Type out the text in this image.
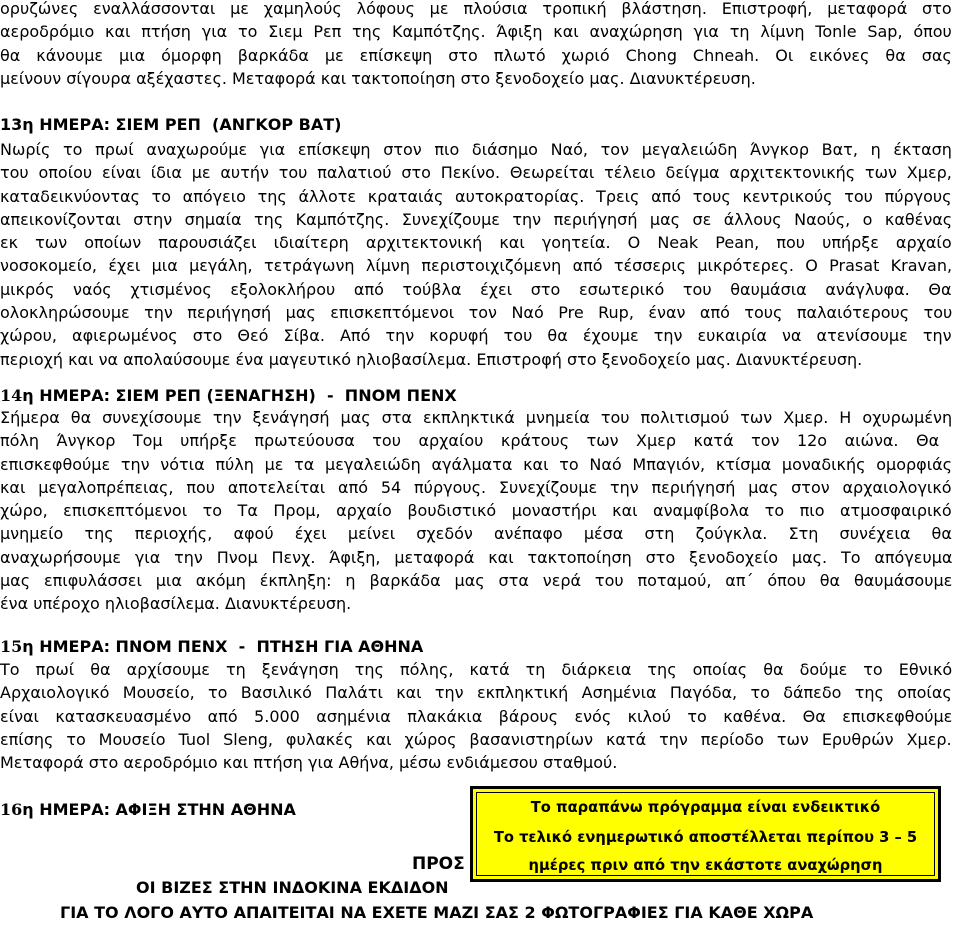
ορυζώνες εναλλάσσονται με χαμηλούς λόφους με πλούσια τροπική βλάστηση. Επιστροφή, μεταφορά στο
αεροδρόμιο και πτήση για το Σιεμ Ρεπ της Καμπότζης. Άφιξη και αναχώρηση για τη λίμνη Tonle Sap, όπου
θα κάνουμε μια όμορφη βαρκάδα με επίσκεψη στο πλωτό χωριό Chong Chneah. Οι εικόνες θα σας
μείνουν σίγουρα αξέχαστες. Μεταφορά και τακτοποίηση στο ξενοδοχείο μας. Διανυκτέρευση.
13η ΗΜΕΡΑ: ΣΙΕΜ ΡΕΠ  (ΑΝΓΚΟΡ ΒΑΤ)
Νωρίς το πρωί αναχωρούμε για επίσκεψη στον πιο διάσημο Ναό, τον μεγαλειώδη Άνγκορ Βατ, η έκταση
του οποίου είναι ίδια με αυτήν του παλατιού στο Πεκίνο. Θεωρείται τέλειο δείγμα αρχιτεκτονικής των Χμερ,
καταδεικνύοντας το απόγειο της άλλοτε κραταιάς αυτοκρατορίας. Τρεις από τους κεντρικούς του πύργους
απεικονίζονται στην σημαία της Καμπότζης. Συνεχίζουμε την περιήγησή μας σε άλλους Ναούς, ο καθένας
εκ των οποίων παρουσιάζει ιδιαίτερη αρχιτεκτονική και γοητεία. Ο Neak Pean, που υπήρξε αρχαίο
νοσοκομείο, έχει μια μεγάλη, τετράγωνη λίμνη περιστοιχιζόμενη από τέσσερις μικρότερες. Ο Prasat Kravan,
μικρός ναός χτισμένος εξολοκλήρου από τούβλα έχει στο εσωτερικό του θαυμάσια ανάγλυφα. Θα
ολοκληρώσουμε την περιήγησή μας επισκεπτόμενοι τον Ναό Pre Rup, έναν από τους παλαιότερους του
χώρου, αφιερωμένος στο Θεό Σίβα. Από την κορυφή του θα έχουμε την ευκαιρία να ατενίσουμε την
περιοχή και να απολαύσουμε ένα μαγευτικό ηλιοβασίλεμα. Επιστροφή στο ξενοδοχείο μας. Διανυκτέρευση.
14η ΗΜΕΡΑ: ΣΙΕΜ ΡΕΠ (ΞΕΝΑΓΗΣΗ) - ΠΝΟΜ ΠΕΝΧ
Σήμερα θα συνεχίσουμε την ξενάγησή μας στα εκπληκτικά μνημεία του πολιτισμού των Χμερ. Η οχυρωμένη
πόλη Άνγκορ Τομ υπήρξε πρωτεύουσα του αρχαίου κράτους των Χμερ κατά τον 12ο αιώνα. Θα
επισκεφθούμε την νότια πύλη με τα μεγαλειώδη αγάλματα και το Ναό Μπαγιόν, κτίσμα μοναδικής ομορφιάς
και μεγαλοπρέπειας, που αποτελείται από 54 πύργους. Συνεχίζουμε την περιήγησή μας στον αρχαιολογικό
χώρο, επισκεπτόμενοι το Τα Προμ, αρχαίο βουδιστικό μοναστήρι και αναμφίβολα το πιο ατμοσφαιρικό
μνημείο της περιοχής, αφού έχει μείνει σχεδόν ανέπαφο μέσα στη ζούγκλα. Στη συνέχεια θα
αναχωρήσουμε για την Πνομ Πενχ. Άφιξη, μεταφορά και τακτοποίηση στο ξενοδοχείο μας. Το απόγευμα
μας επιφυλάσσει μια ακόμη έκπληξη: η βαρκάδα μας στα νερά του ποταμού, απ΄ όπου θα θαυμάσουμε
ένα υπέροχο ηλιοβασίλεμα. Διανυκτέρευση.
15η ΗΜΕΡΑ: ΠΝΟΜ ΠΕΝΧ - ΠΤΗΣΗ ΓΙΑ ΑΘΗΝΑ
Το πρωί θα αρχίσουμε τη ξενάγηση της πόλης, κατά τη διάρκεια της οποίας θα δούμε το Εθνικό
Αρχαιολογικό Μουσείο, το Βασιλικό Παλάτι και την εκπληκτική Ασημένια Παγόδα, το δάπεδο της οποίας
είναι κατασκευασμένο από 5.000 ασημένια πλακάκια βάρους ενός κιλού το καθένα. Θα επισκεφθούμε
επίσης το Μουσείο Tuol Sleng, φυλακές και χώρος βασανιστηρίων κατά την περίοδο των Ερυθρών Χμερ.
Μεταφορά στο αεροδρόμιο και πτήση για Αθήνα, μέσω ενδιάμεσου σταθμού.
16η ΗΜΕΡΑ: ΑΦΙΞΗ ΣΤΗΝ ΑΘΗΝΑ
ΠΡΟΣ
ΟΙ ΒΙΖΕΣ ΣΤΗΝ ΙΝΔΟΚΙΝΑ ΕΚΔΙΔΟΝ
ΓΙΑ ΤΟ ΛΟΓΟ ΑΥΤΟ ΑΠΑΙΤΕΙΤΑΙ ΝΑ ΕΧΕΤΕ ΜΑΖΙ ΣΑΣ 2 ΦΩΤΟΓΡΑΦΙΕΣ ΓΙΑ ΚΑΘΕ ΧΩΡΑ

Το παραπάνω πρόγραμμα είναι ενδεικτικό

Το τελικό ενημερωτικό αποστέλλεται περίπου 3 – 5

ημέρες πριν από την εκάστοτε αναχώρηση
